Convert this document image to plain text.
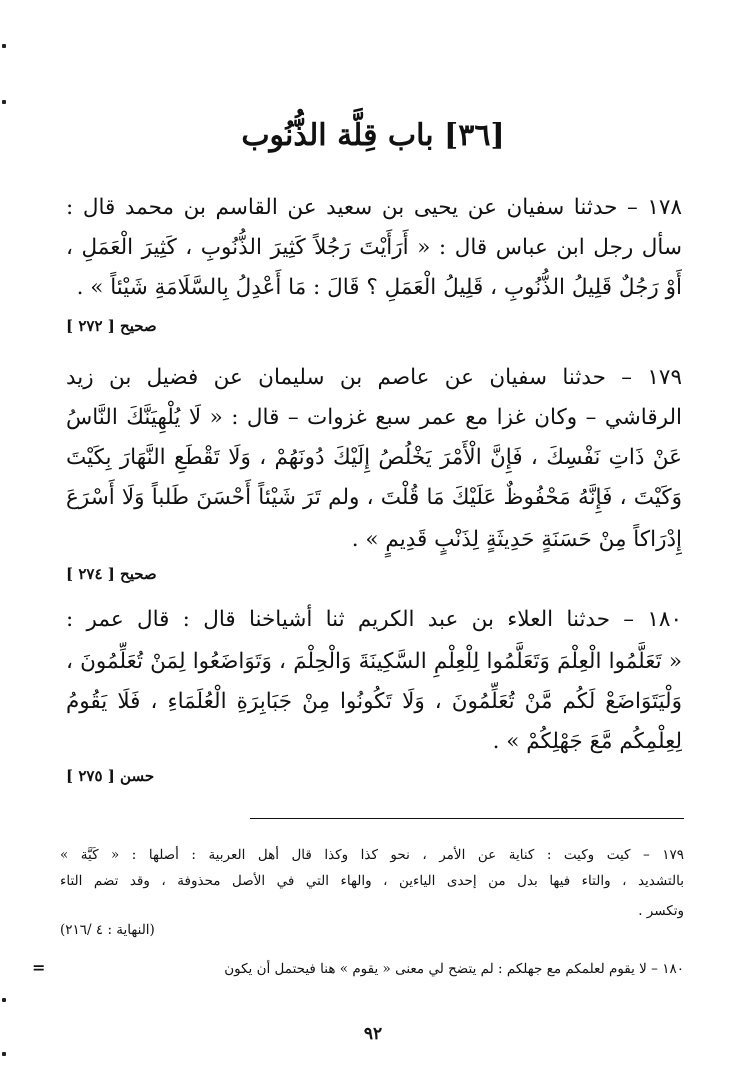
[٣٦] باب قِلَّة الذُّنُوب
١٧٨ – حدثنا سفيان عن يحيى بن سعيد عن القاسم بن محمد قال :
سأل رجل ابن عباس قال : « أَرَأَيْتَ رَجُلاً كَثِيرَ الذُّنُوبِ ، كَثِيرَ الْعَمَلِ ،
أَوْ رَجُلٌ قَلِيلُ الذُّنُوبِ ، قَلِيلُ الْعَمَلِ ؟ قَالَ : مَا أَعْدِلُ بِالسَّلَامَةِ شَيْئاً » .
صحيح [ ٢٧٢ ]
١٧٩ – حدثنا سفيان عن عاصم بن سليمان عن فضيل بن زيد
الرقاشي – وكان غزا مع عمر سبع غزوات – قال : « لَا يُلْهِيَنَّكَ النَّاسُ
عَنْ ذَاتِ نَفْسِكَ ، فَإِنَّ الْأَمْرَ يَخْلُصُ إِلَيْكَ دُونَهُمْ ، وَلَا تَقْطَعِ النَّهَارَ بِكَيْتَ
وَكَيْتَ ، فَإِنَّهُ مَحْفُوظٌ عَلَيْكَ مَا قُلْتَ ، ولم تَرَ شَيْئاً أَحْسَنَ طَلباً وَلَا أَسْرَعَ
إِدْرَاكاً مِنْ حَسَنَةٍ حَدِيثَةٍ لِذَنْبٍ قَدِيمٍ » .
صحيح [ ٢٧٤ ]
١٨٠ – حدثنا العلاء بن عبد الكريم ثنا أشياخنا قال : قال عمر :
« تَعَلَّمُوا الْعِلْمَ وَتَعَلَّمُوا لِلْعِلْمِ السَّكِينَةَ وَالْحِلْمَ ، وَتَوَاضَعُوا لِمَنْ تُعَلِّمُونَ ،
وَلْيَتَوَاضَعْ لَكُم مَّنْ تُعَلِّمُونَ ، وَلَا تَكُونُوا مِنْ جَبَابِرَةِ الْعُلَمَاءِ ، فَلَا يَقُومُ
لِعِلْمِكُم مَّعَ جَهْلِكُمْ » .
حسن [ ٢٧٥ ]
١٧٩ – كيت وكيت : كناية عن الأمر ، نحو كذا وكذا قال أهل العربية : أصلها : « كَيَّة »
بالتشديد ، والتاء فيها بدل من إحدى الياءين ، والهاء التي في الأصل محذوفة ، وقد تضم التاء
وتكسر .
(النهاية : ٤ /٢١٦)
١٨٠ – لا يقوم لعلمكم مع جهلكم : لم يتضح لي معنى « يقوم » هنا فيحتمل أن يكون
=
٩٢
